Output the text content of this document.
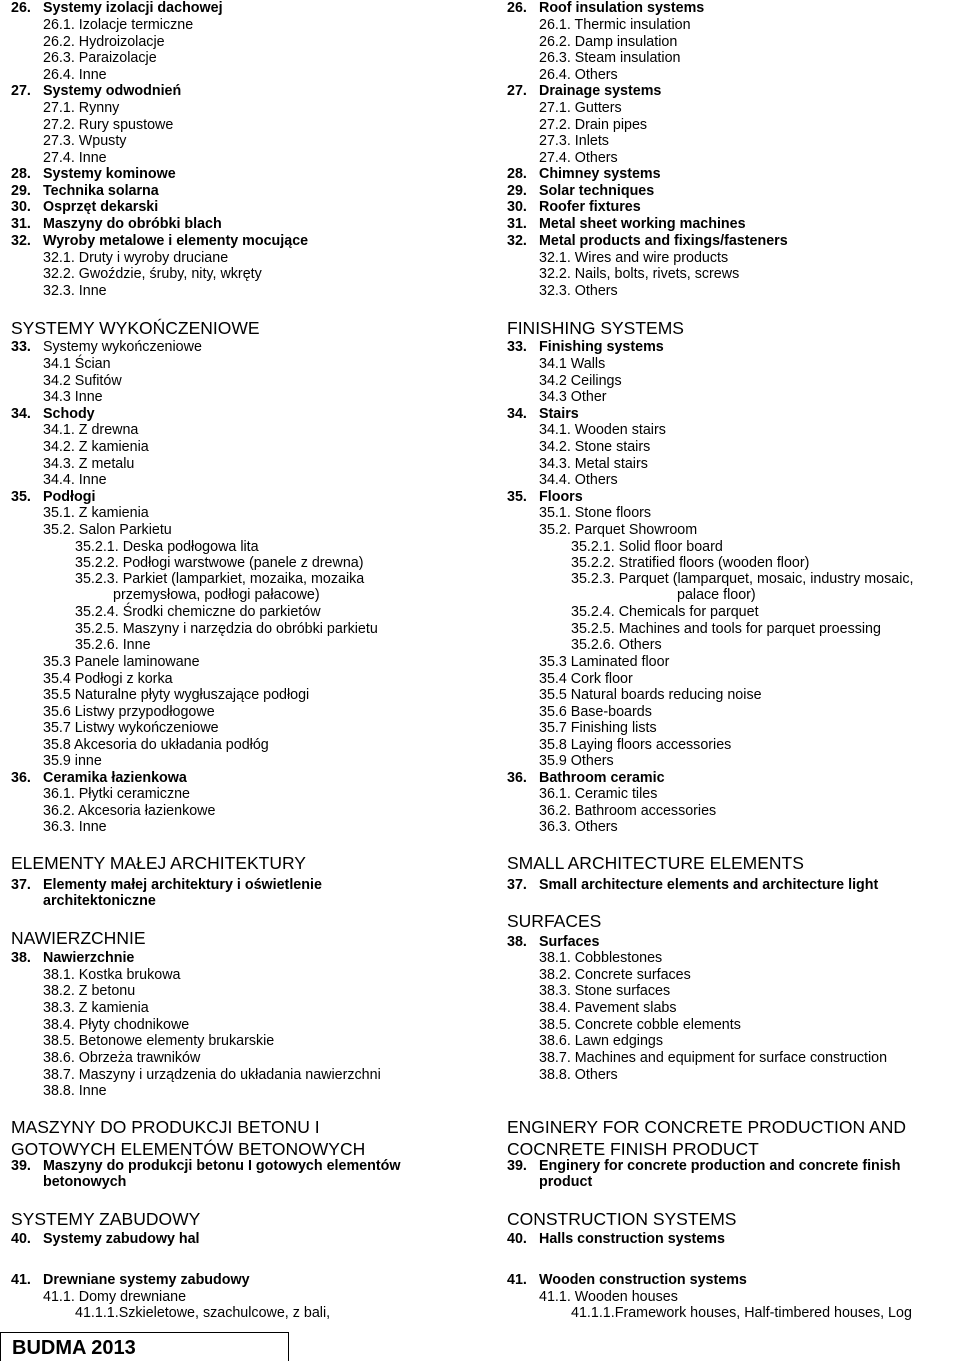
26. Systemy izolacji dachowej
26.1. Izolacje termiczne
26.2. Hydroizolacje
26.3. Paraizolacje
26.4. Inne
27. Systemy odwodnień
27.1. Rynny
27.2. Rury spustowe
27.3. Wpusty
27.4. Inne
28. Systemy kominowe
29. Technika solarna
30. Osprzęt dekarski
31. Maszyny do obróbki blach
32. Wyroby metalowe i elementy mocujące
32.1. Druty i wyroby druciane
32.2. Gwoździe, śruby, nity, wkręty
32.3. Inne
SYSTEMY WYKOŃCZENIOWE
33. Systemy wykończeniowe
34.1 Ścian
34.2 Sufitów
34.3 Inne
34. Schody
34.1. Z drewna
34.2. Z kamienia
34.3. Z metalu
34.4. Inne
35. Podłogi
35.1. Z kamienia
35.2. Salon Parkietu
35.2.1. Deska podłogowa lita
35.2.2. Podłogi warstwowe (panele z drewna)
35.2.3. Parkiet (lamparkiet, mozaika, mozaika
przemysłowa, podłogi pałacowe)
35.2.4. Środki chemiczne do parkietów
35.2.5. Maszyny i narzędzia do obróbki parkietu
35.2.6. Inne
35.3 Panele laminowane
35.4 Podłogi z korka
35.5 Naturalne płyty wygłuszające podłogi
35.6 Listwy przypodłogowe
35.7 Listwy wykończeniowe
35.8 Akcesoria do układania podłóg
35.9 inne
36. Ceramika łazienkowa
36.1. Płytki ceramiczne
36.2. Akcesoria łazienkowe
36.3. Inne
ELEMENTY MAŁEJ ARCHITEKTURY
37. Elementy małej architektury i oświetlenie
architektoniczne
NAWIERZCHNIE
38. Nawierzchnie
38.1. Kostka brukowa
38.2. Z betonu
38.3. Z kamienia
38.4. Płyty chodnikowe
38.5. Betonowe elementy brukarskie
38.6. Obrzeża trawników
38.7. Maszyny i urządzenia do układania nawierzchni
38.8. Inne
MASZYNY DO PRODUKCJI BETONU I
GOTOWYCH ELEMENTÓW BETONOWYCH
39. Maszyny do produkcji betonu I gotowych elementów
betonowych
SYSTEMY ZABUDOWY
40. Systemy zabudowy hal
41. Drewniane systemy zabudowy
41.1. Domy drewniane
41.1.1.Szkieletowe, szachulcowe, z bali,
26. Roof insulation systems
26.1. Thermic insulation
26.2. Damp insulation
26.3. Steam insulation
26.4. Others
27. Drainage systems
27.1. Gutters
27.2. Drain pipes
27.3. Inlets
27.4. Others
28. Chimney systems
29. Solar techniques
30. Roofer fixtures
31. Metal sheet working machines
32. Metal products and fixings/fasteners
32.1. Wires and wire products
32.2. Nails, bolts, rivets, screws
32.3. Others
FINISHING SYSTEMS
33. Finishing systems
34.1 Walls
34.2 Ceilings
34.3 Other
34. Stairs
34.1. Wooden stairs
34.2. Stone stairs
34.3. Metal stairs
34.4. Others
35. Floors
35.1. Stone floors
35.2. Parquet Showroom
35.2.1. Solid floor board
35.2.2. Stratified floors (wooden floor)
35.2.3. Parquet (lamparquet, mosaic, industry mosaic,
palace floor)
35.2.4. Chemicals for parquet
35.2.5. Machines and tools for parquet proessing
35.2.6. Others
35.3 Laminated floor
35.4 Cork floor
35.5 Natural boards reducing noise
35.6 Base-boards
35.7 Finishing lists
35.8 Laying floors accessories
35.9 Others
36. Bathroom ceramic
36.1. Ceramic tiles
36.2. Bathroom accessories
36.3. Others
SMALL ARCHITECTURE ELEMENTS
37. Small architecture elements and architecture light
SURFACES
38. Surfaces
38.1. Cobblestones
38.2. Concrete surfaces
38.3. Stone surfaces
38.4. Pavement slabs
38.5. Concrete cobble elements
38.6. Lawn edgings
38.7. Machines and equipment for surface construction
38.8. Others
ENGINERY FOR CONCRETE PRODUCTION AND
COCNRETE FINISH PRODUCT
39. Enginery for concrete production and concrete finish
product
CONSTRUCTION SYSTEMS
40. Halls construction systems
41. Wooden construction systems
41.1. Wooden houses
41.1.1.Framework houses, Half-timbered houses, Log
BUDMA 2013
